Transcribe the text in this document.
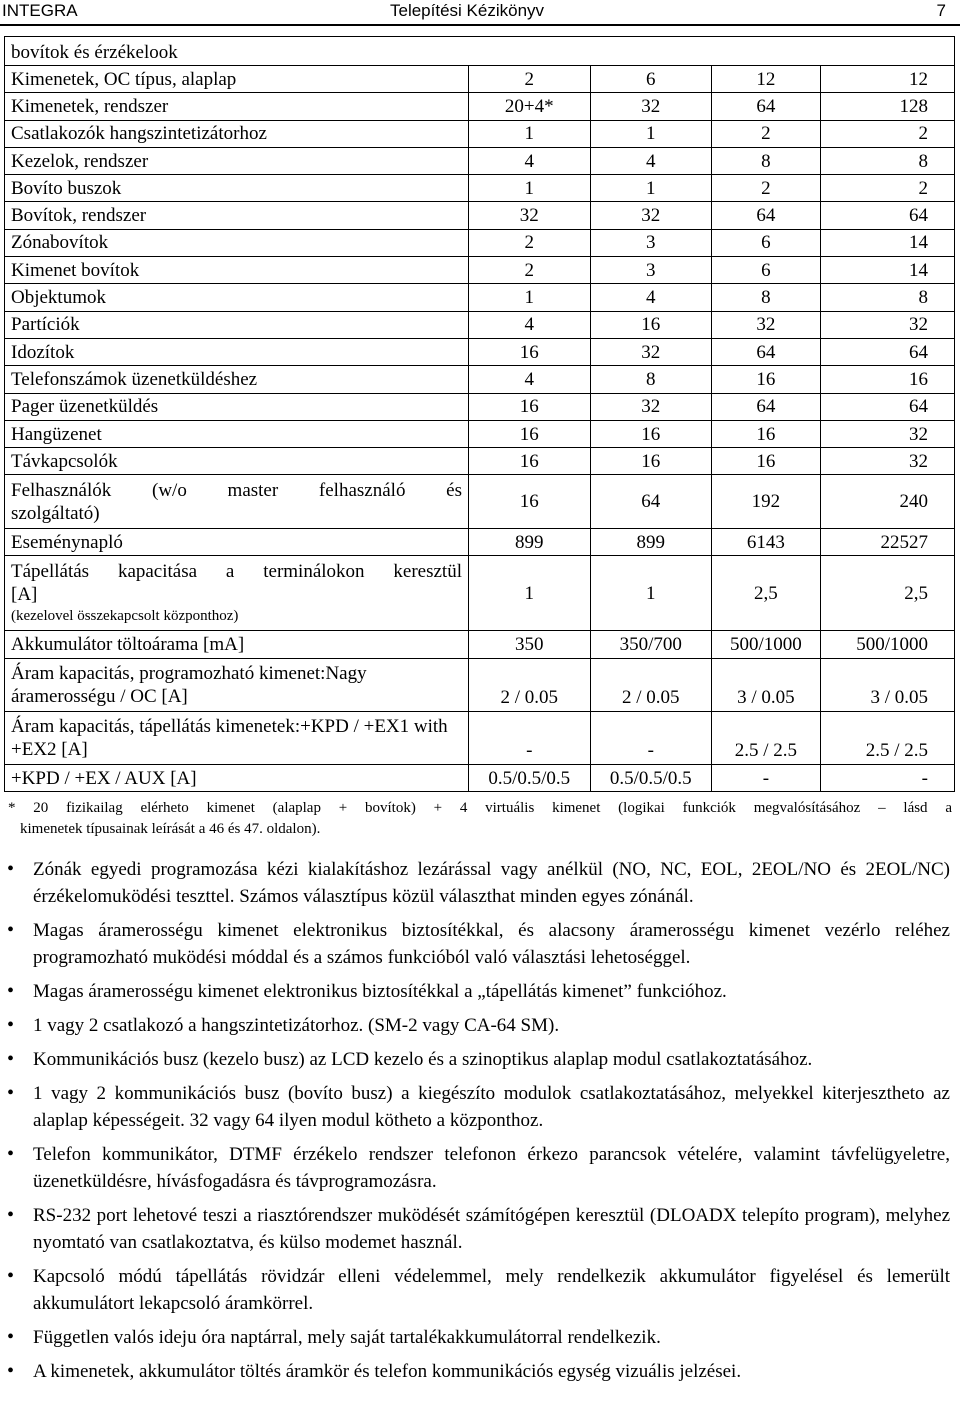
INTEGRA	Telepítési Kézikönyv	7
bovítok és érzékelook				
Kimenetek, OC típus, alaplap	2	6	12	12
Kimenetek, rendszer	20+4*	32	64	128
Csatlakozók hangszintetizátorhoz	1	1	2	2
Kezelok, rendszer	4	4	8	8
Bovíto buszok	1	1	2	2
Bovítok, rendszer	32	32	64	64
Zónabovítok	2	3	6	14
Kimenet bovítok	2	3	6	14
Objektumok	1	4	8	8
Partíciók	4	16	32	32
Idozítok	16	32	64	64
Telefonszámok üzenetküldéshez	4	8	16	16
Pager üzenetküldés	16	32	64	64
Hangüzenet	16	16	16	32
Távkapcsolók	16	16	16	32

Felhasználók (w/o master felhasználó és
szolgáltató)	16	64	192	240
Eseménynapló	899	899	6143	22527

Tápellátás kapacitása a terminálokon keresztül
[A]
(kezelovel összekapcsolt központhoz)	1	1	2,5	2,5
Akkumulátor töltoárama [mA]	350	350/700	500/1000	500/1000
Áram kapacitás, programozható kimenet:Nagy áramerosségu / OC [A]	2 / 0.05	2 / 0.05	3 / 0.05	3 / 0.05
Áram kapacitás, tápellátás kimenetek:+KPD / +EX1 with +EX2 [A]	-	-	2.5 / 2.5	2.5 / 2.5
+KPD / +EX / AUX [A]	0.5/0.5/0.5	0.5/0.5/0.5	-	-
* 20 fizikailag elérheto kimenet (alaplap + bovítok) + 4 virtuális kimenet (logikai funkciók megvalósításához – lásd a
kimenetek típusainak leírását a 46 és 47. oldalon).
• Zónák egyedi programozása kézi kialakításhoz lezárással vagy anélkül (NO, NC, EOL, 2EOL/NO és 2EOL/NC) érzékelomuködési teszttel. Számos választípus közül választhat minden egyes zónánál.
• Magas áramerosségu kimenet elektronikus biztosítékkal, és alacsony áramerosségu kimenet vezérlo reléhez programozható muködési móddal és a számos funkcióból való választási lehetoséggel.
• Magas áramerosségu kimenet elektronikus biztosítékkal a „tápellátás kimenet” funkcióhoz.
• 1 vagy 2 csatlakozó a hangszintetizátorhoz. (SM-2 vagy CA-64 SM).
• Kommunikációs busz (kezelo busz) az LCD kezelo és a szinoptikus alaplap modul csatlakoztatásához.
• 1 vagy 2 kommunikációs busz (bovíto busz) a kiegészíto modulok csatlakoztatásához, melyekkel kiterjesztheto az alaplap képességeit. 32 vagy 64 ilyen modul kötheto a központhoz.
• Telefon kommunikátor, DTMF érzékelo rendszer telefonon érkezo parancsok vételére, valamint távfelügyeletre, üzenetküldésre, hívásfogadásra és távprogramozásra.
• RS-232 port lehetové teszi a riasztórendszer muködését számítógépen keresztül (DLOADX telepíto program), melyhez nyomtató van csatlakoztatva, és külso modemet használ.
• Kapcsoló módú tápellátás rövidzár elleni védelemmel, mely rendelkezik akkumulátor figyelésel és lemerült akkumulátort lekapcsoló áramkörrel.
• Független valós ideju óra naptárral, mely saját tartalékakkumulátorral rendelkezik.
• A kimenetek, akkumulátor töltés áramkör és telefon kommunikációs egység vizuális jelzései.
